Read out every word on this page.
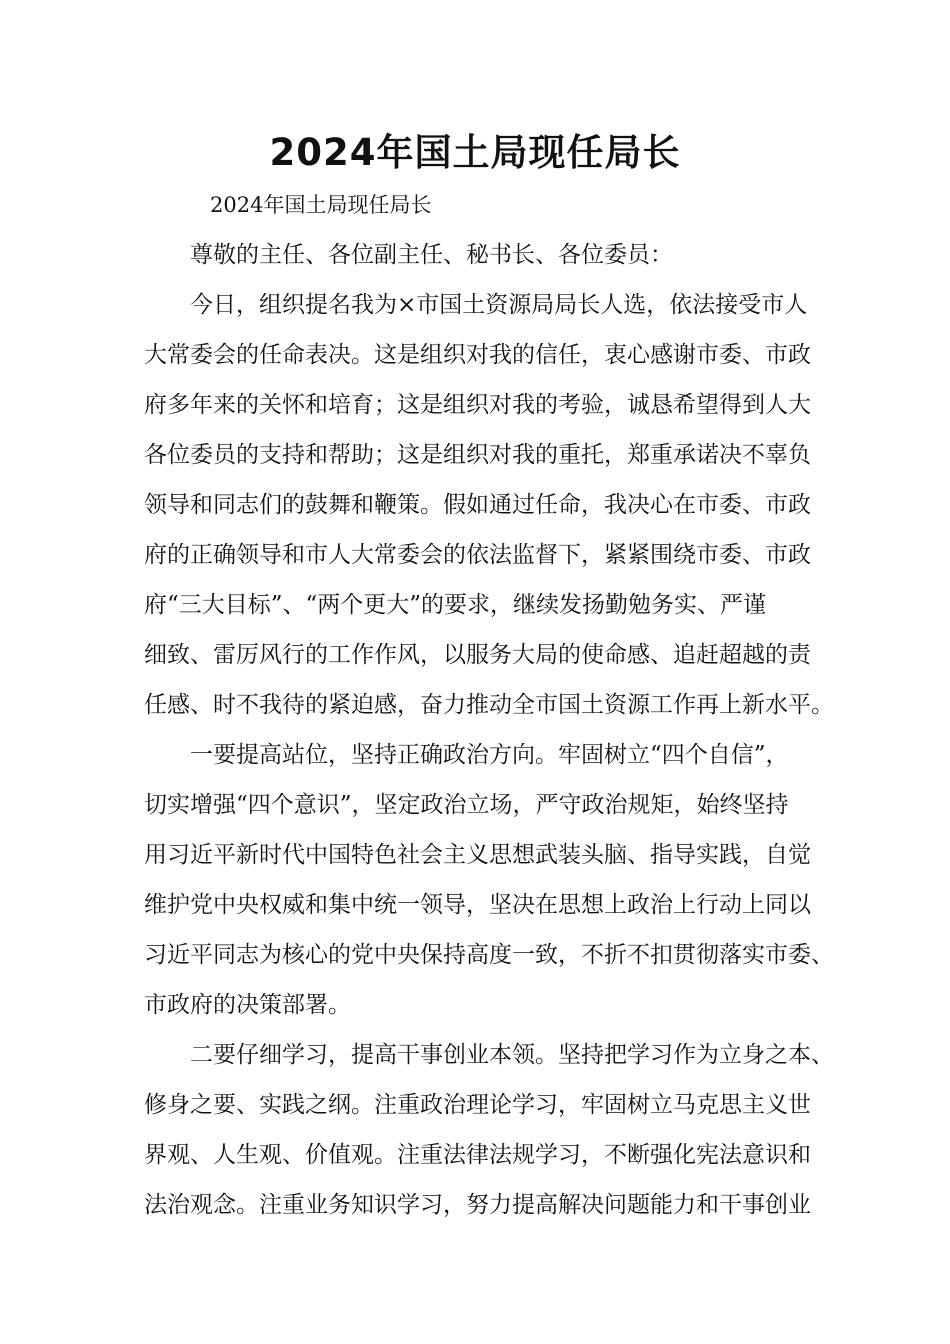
2024年国土局现任局长
2024年国土局现任局长
尊敬的主任、各位副主任、秘书长、各位委员：
今日，组织提名我为×市国土资源局局长人选，依法接受市人
大常委会的任命表决。这是组织对我的信任，衷心感谢市委、市政
府多年来的关怀和培育；这是组织对我的考验，诚恳希望得到人大
各位委员的支持和帮助；这是组织对我的重托，郑重承诺决不辜负
领导和同志们的鼓舞和鞭策。假如通过任命，我决心在市委、市政
府的正确领导和市人大常委会的依法监督下，紧紧围绕市委、市政
府“三大目标”、“两个更大”的要求，继续发扬勤勉务实、严谨
细致、雷厉风行的工作作风，以服务大局的使命感、追赶超越的责
任感、时不我待的紧迫感，奋力推动全市国土资源工作再上新水平。
一要提高站位，坚持正确政治方向。牢固树立“四个自信”，
切实增强“四个意识”，坚定政治立场，严守政治规矩，始终坚持
用习近平新时代中国特色社会主义思想武装头脑、指导实践，自觉
维护党中央权威和集中统一领导，坚决在思想上政治上行动上同以
习近平同志为核心的党中央保持高度一致，不折不扣贯彻落实市委、
市政府的决策部署。
二要仔细学习，提高干事创业本领。坚持把学习作为立身之本、
修身之要、实践之纲。注重政治理论学习，牢固树立马克思主义世
界观、人生观、价值观。注重法律法规学习，不断强化宪法意识和
法治观念。注重业务知识学习，努力提高解决问题能力和干事创业
